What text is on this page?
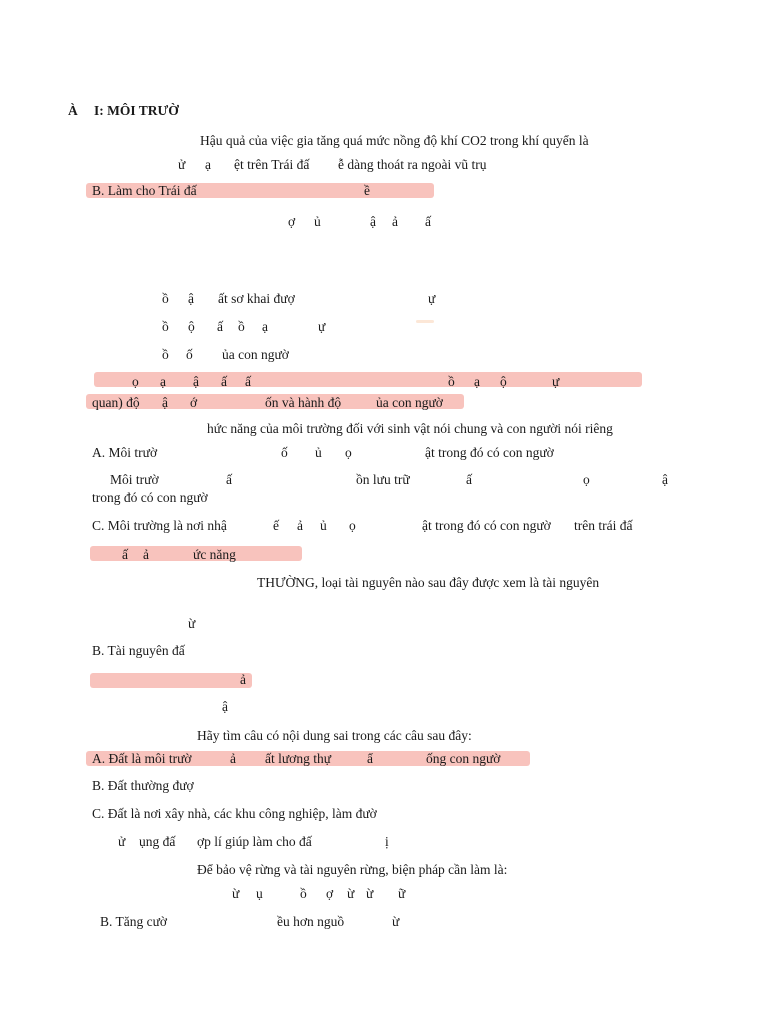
À I: MÔI TRƯỜ
Hậu quả của việc gia tăng quá mức nồng độ khí CO2 trong khí quyển là
ử ạ ệt trên Trái đấ ễ dàng thoát ra ngoài vũ trụ
B. Làm cho Trái đấ	ề
ợ ủ	ậ ả ấ
ồ ậ ất sơ khai đượ	ự
ồ ộ ấ ồ ạ	ự
ồ ố ủa con ngườ
ọ ạ ậ ấ ấ	ồ ạ ộ	ự
quan) độ ậ ớ	ốn và hành độ	ủa con ngườ
hức năng của môi trường đối với sinh vật nói chung và con người nói riêng
A. Môi trườ	ố ủ ọ	ật trong đó có con ngườ
Môi trườ	ấ	ồn lưu trữ	ấ	ọ	ậ
trong đó có con ngườ
C. Môi trường là nơi nhậ	ế ả ủ ọ	ật trong đó có con ngườ trên trái đấ
ấ ả	ức năng
THƯỜNG, loại tài nguyên nào sau đây được xem là tài nguyên
ừ
B. Tài nguyên đấ
ả
ậ
Hãy tìm câu có nội dung sai trong các câu sau đây:
A. Đất là môi trườ	ả ất lương thự	ẩ	ống con ngườ
B. Đất thường đượ
C. Đất là nơi xây nhà, các khu công nghiệp, làm đườ
ử ụng đấ ợp lí giúp làm cho đấ	ị
Để bảo vệ rừng và tài nguyên rừng, biện pháp cần làm là:
ừ ụ	ồ ợ ừ ừ ữ
B. Tăng cườ	ều hơn nguồ	ừ
